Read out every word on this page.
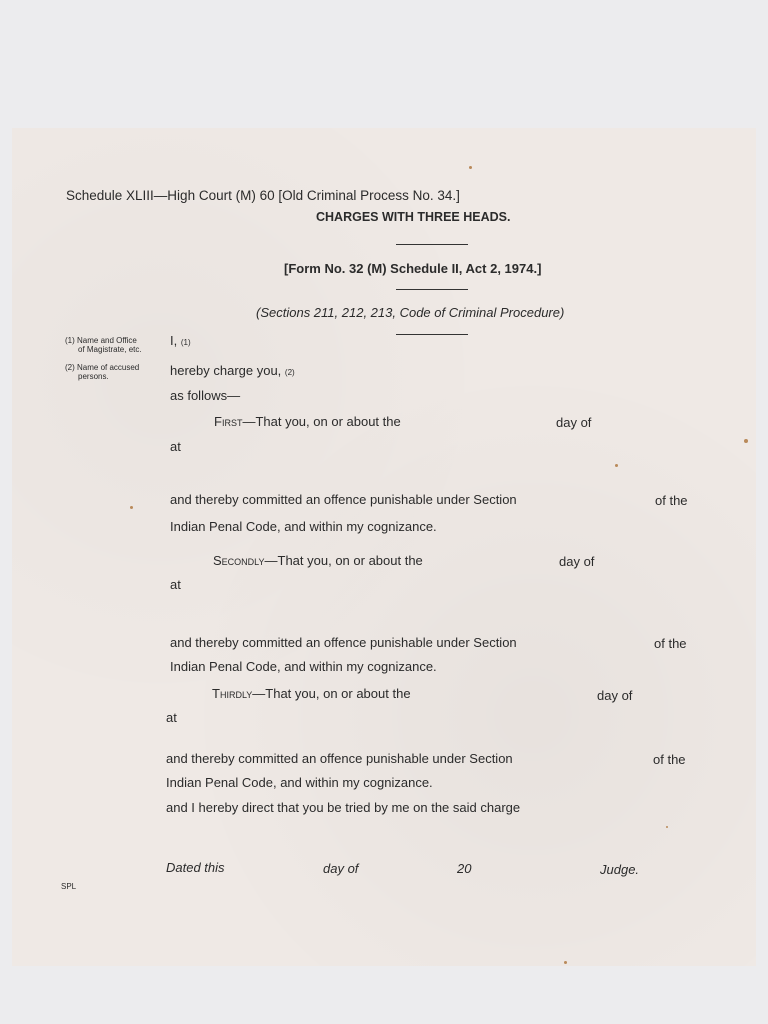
Schedule XLIII—High Court (M) 60 [Old Criminal Process No. 34.]
CHARGES WITH THREE HEADS.
[Form No. 32 (M) Schedule II, Act 2, 1974.]
(Sections 211, 212, 213, Code of Criminal Procedure)
(1) Name and Office
of Magistrate, etc.
(2) Name of accused
persons.
I, (1)
hereby charge you, (2)
as follows—
First—That you, on or about the	day of
at
and thereby committed an offence punishable under Section	of the
Indian Penal Code, and within my cognizance.
Secondly—That you, on or about the	day of
at
and thereby committed an offence punishable under Section	of the
Indian Penal Code, and within my cognizance.
Thirdly—That you, on or about the	day of
at
and thereby committed an offence punishable under Section	of the
Indian Penal Code, and within my cognizance.
and I hereby direct that you be tried by me on the said charge
Dated this	day of	20	Judge.
SPL
